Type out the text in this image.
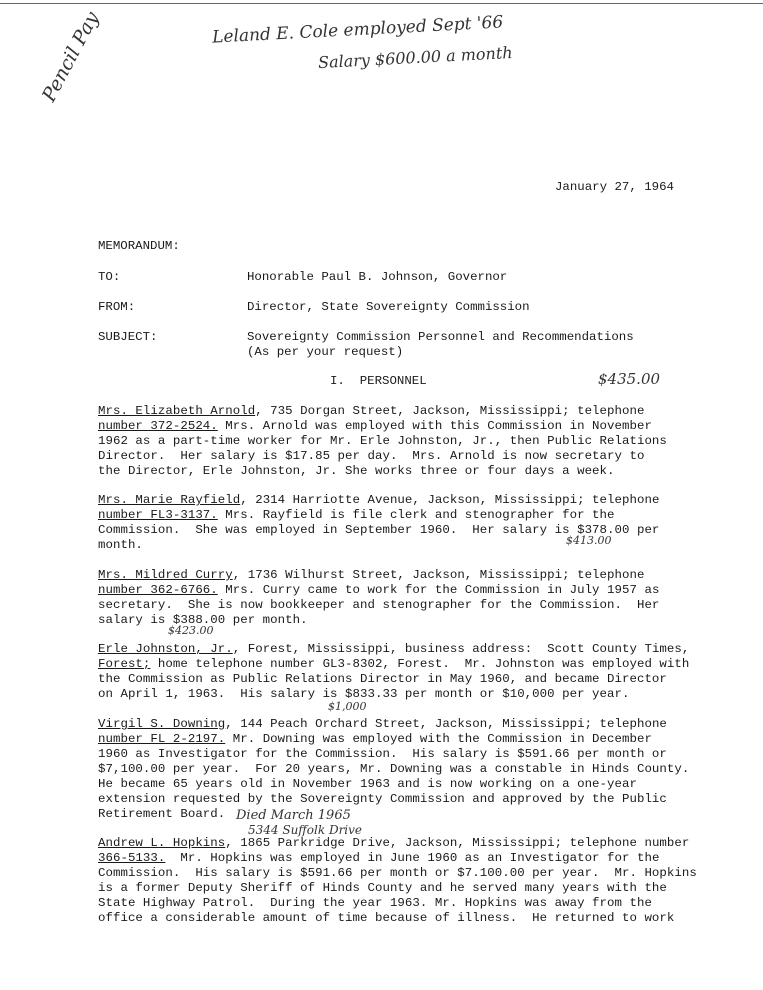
Pencil Pay	Leland E. Cole employed Sept '66
Salary $600.00 a month
$435.00
$413.00
$423.00
$1,000
Died March 1965
5344 Suffolk Drive
January 27, 1964
MEMORANDUM:
TO:	Honorable Paul B. Johnson, Governor
FROM:	Director, State Sovereignty Commission
SUBJECT:	Sovereignty Commission Personnel and Recommendations
(As per your request)
I.  PERSONNEL
Mrs. Elizabeth Arnold, 735 Dorgan Street, Jackson, Mississippi; telephone
number 372-2524. Mrs. Arnold was employed with this Commission in November
1962 as a part-time worker for Mr. Erle Johnston, Jr., then Public Relations
Director.  Her salary is $17.85 per day.  Mrs. Arnold is now secretary to
the Director, Erle Johnston, Jr. She works three or four days a week.
Mrs. Marie Rayfield, 2314 Harriotte Avenue, Jackson, Mississippi; telephone
number FL3-3137. Mrs. Rayfield is file clerk and stenographer for the
Commission.  She was employed in September 1960.  Her salary is $378.00 per
month.
Mrs. Mildred Curry, 1736 Wilhurst Street, Jackson, Mississippi; telephone
number 362-6766. Mrs. Curry came to work for the Commission in July 1957 as
secretary.  She is now bookkeeper and stenographer for the Commission.  Her
salary is $388.00 per month.
Erle Johnston, Jr., Forest, Mississippi, business address:  Scott County Times,
Forest; home telephone number GL3-8302, Forest.  Mr. Johnston was employed with
the Commission as Public Relations Director in May 1960, and became Director
on April 1, 1963.  His salary is $833.33 per month or $10,000 per year.
Virgil S. Downing, 144 Peach Orchard Street, Jackson, Mississippi; telephone
number FL 2-2197. Mr. Downing was employed with the Commission in December
1960 as Investigator for the Commission.  His salary is $591.66 per month or
$7,100.00 per year.  For 20 years, Mr. Downing was a constable in Hinds County.
He became 65 years old in November 1963 and is now working on a one-year
extension requested by the Sovereignty Commission and approved by the Public
Retirement Board.
Andrew L. Hopkins, 1865 Parkridge Drive, Jackson, Mississippi; telephone number
366-5133.  Mr. Hopkins was employed in June 1960 as an Investigator for the
Commission.  His salary is $591.66 per month or $7.100.00 per year.  Mr. Hopkins
is a former Deputy Sheriff of Hinds County and he served many years with the
State Highway Patrol.  During the year 1963. Mr. Hopkins was away from the
office a considerable amount of time because of illness.  He returned to work
